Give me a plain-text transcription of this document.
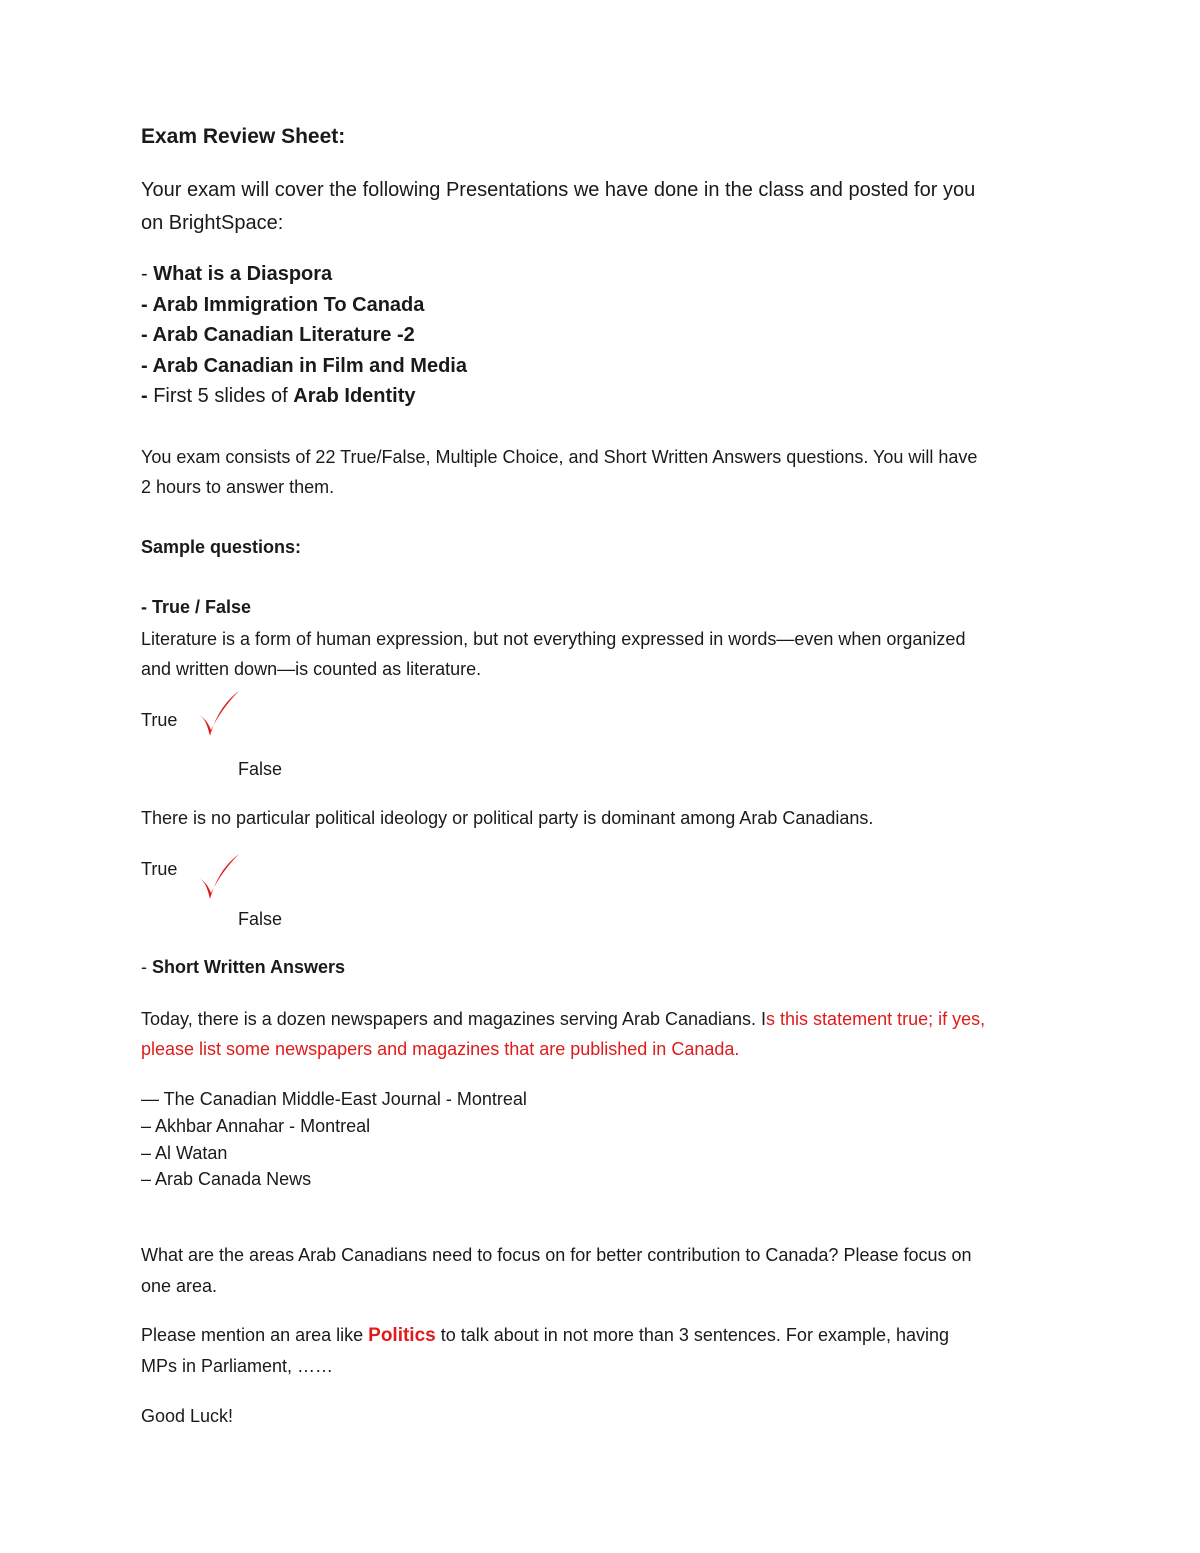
Exam Review Sheet:
Your exam will cover the following Presentations we have done in the class and posted for you
on BrightSpace:
- What is a Diaspora
- Arab Immigration To Canada
- Arab Canadian Literature -2
- Arab Canadian in Film and Media
- First 5 slides of Arab Identity
You exam consists of 22 True/False, Multiple Choice, and Short Written Answers questions. You will have
2 hours to answer them.
Sample questions:
- True / False
Literature is a form of human expression, but not everything expressed in words—even when organized
and written down—is counted as literature.
True
False
There is no particular political ideology or political party is dominant among Arab Canadians.
True
False
- Short Written Answers
Today, there is a dozen newspapers and magazines serving Arab Canadians. Is this statement true; if yes,
please list some newspapers and magazines that are published in Canada.
— The Canadian Middle-East Journal - Montreal
– Akhbar Annahar - Montreal
– Al Watan
– Arab Canada News
What are the areas Arab Canadians need to focus on for better contribution to Canada? Please focus on
one area.
Please mention an area like Politics to talk about in not more than 3 sentences. For example, having
MPs in Parliament, ……
Good Luck!
